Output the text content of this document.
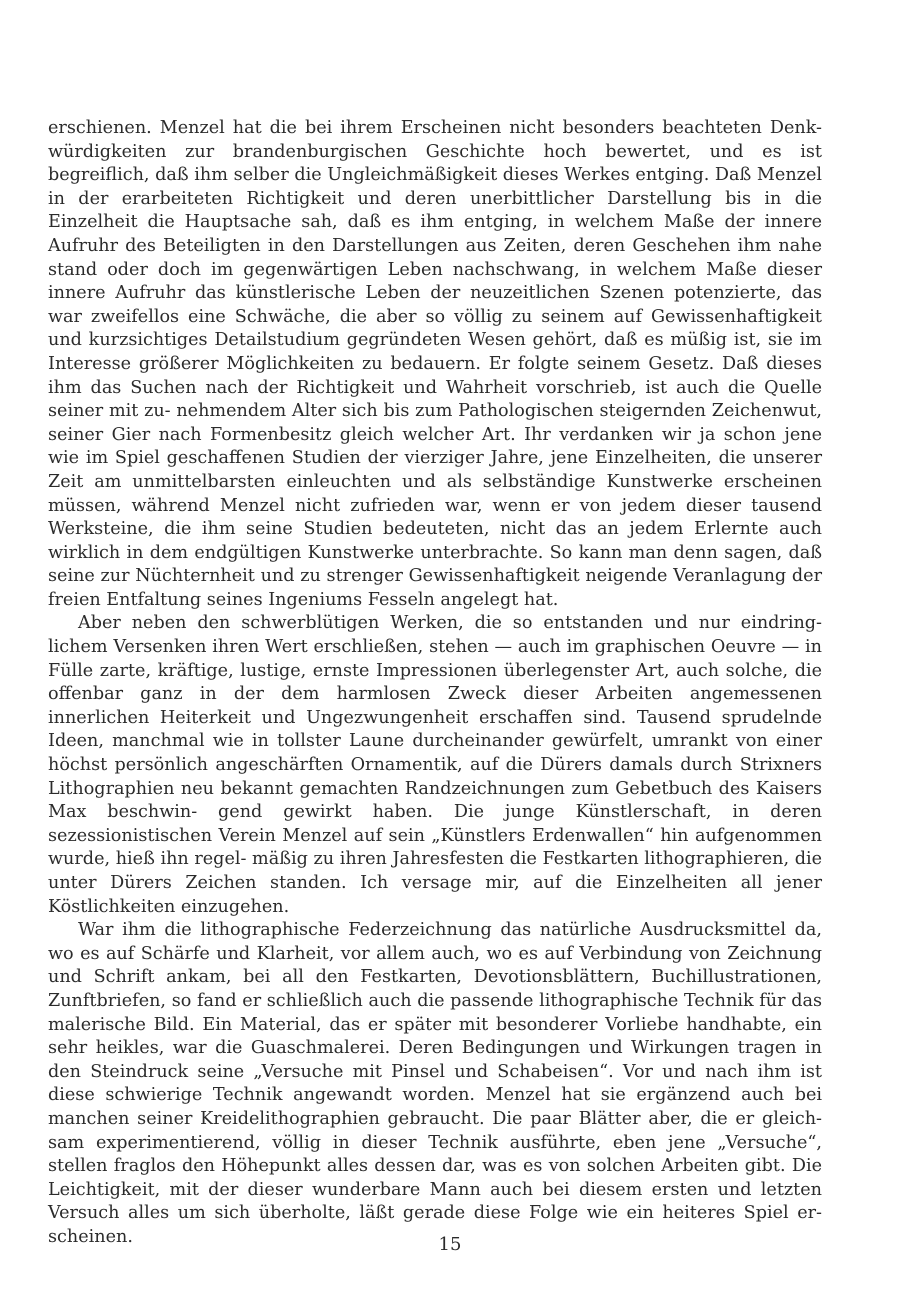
erschienen. Menzel hat die bei ihrem Erscheinen nicht besonders beachteten Denk- würdigkeiten zur brandenburgischen Geschichte hoch bewertet, und es ist begreiflich, daß ihm selber die Ungleichmäßigkeit dieses Werkes entging. Daß Menzel in der erarbeiteten Richtigkeit und deren unerbittlicher Darstellung bis in die Einzelheit die Hauptsache sah, daß es ihm entging, in welchem Maße der innere Aufruhr des Beteiligten in den Darstellungen aus Zeiten, deren Geschehen ihm nahe stand oder doch im gegenwärtigen Leben nachschwang, in welchem Maße dieser innere Aufruhr das künstlerische Leben der neuzeitlichen Szenen potenzierte, das war zweifellos eine Schwäche, die aber so völlig zu seinem auf Gewissenhaftigkeit und kurzsichtiges Detailstudium gegründeten Wesen gehört, daß es müßig ist, sie im Interesse größerer Möglichkeiten zu bedauern. Er folgte seinem Gesetz. Daß dieses ihm das Suchen nach der Richtigkeit und Wahrheit vorschrieb, ist auch die Quelle seiner mit zu- nehmendem Alter sich bis zum Pathologischen steigernden Zeichenwut, seiner Gier nach Formenbesitz gleich welcher Art. Ihr verdanken wir ja schon jene wie im Spiel geschaffenen Studien der vierziger Jahre, jene Einzelheiten, die unserer Zeit am unmittelbarsten einleuchten und als selbständige Kunstwerke erscheinen müssen, während Menzel nicht zufrieden war, wenn er von jedem dieser tausend Werksteine, die ihm seine Studien bedeuteten, nicht das an jedem Erlernte auch wirklich in dem endgültigen Kunstwerke unterbrachte. So kann man denn sagen, daß seine zur Nüchternheit und zu strenger Gewissenhaftigkeit neigende Veranlagung der freien Entfaltung seines Ingeniums Fesseln angelegt hat.

Aber neben den schwerblütigen Werken, die so entstanden und nur eindring- lichem Versenken ihren Wert erschließen, stehen — auch im graphischen Oeuvre — in Fülle zarte, kräftige, lustige, ernste Impressionen überlegenster Art, auch solche, die offenbar ganz in der dem harmlosen Zweck dieser Arbeiten angemessenen innerlichen Heiterkeit und Ungezwungenheit erschaffen sind. Tausend sprudelnde Ideen, manchmal wie in tollster Laune durcheinander gewürfelt, umrankt von einer höchst persönlich angeschärften Ornamentik, auf die Dürers damals durch Strixners Lithographien neu bekannt gemachten Randzeichnungen zum Gebetbuch des Kaisers Max beschwin- gend gewirkt haben. Die junge Künstlerschaft, in deren sezessionistischen Verein Menzel auf sein „Künstlers Erdenwallen“ hin aufgenommen wurde, hieß ihn regel- mäßig zu ihren Jahresfesten die Festkarten lithographieren, die unter Dürers Zeichen standen. Ich versage mir, auf die Einzelheiten all jener Köstlichkeiten einzugehen.

War ihm die lithographische Federzeichnung das natürliche Ausdrucksmittel da, wo es auf Schärfe und Klarheit, vor allem auch, wo es auf Verbindung von Zeichnung und Schrift ankam, bei all den Festkarten, Devotionsblättern, Buchillustrationen, Zunftbriefen, so fand er schließlich auch die passende lithographische Technik für das malerische Bild. Ein Material, das er später mit besonderer Vorliebe handhabte, ein sehr heikles, war die Guaschmalerei. Deren Bedingungen und Wirkungen tragen in den Steindruck seine „Versuche mit Pinsel und Schabeisen“. Vor und nach ihm ist diese schwierige Technik angewandt worden. Menzel hat sie ergänzend auch bei manchen seiner Kreidelithographien gebraucht. Die paar Blätter aber, die er gleich- sam experimentierend, völlig in dieser Technik ausführte, eben jene „Versuche“, stellen fraglos den Höhepunkt alles dessen dar, was es von solchen Arbeiten gibt. Die Leichtigkeit, mit der dieser wunderbare Mann auch bei diesem ersten und letzten Versuch alles um sich überholte, läßt gerade diese Folge wie ein heiteres Spiel er- scheinen.	15
